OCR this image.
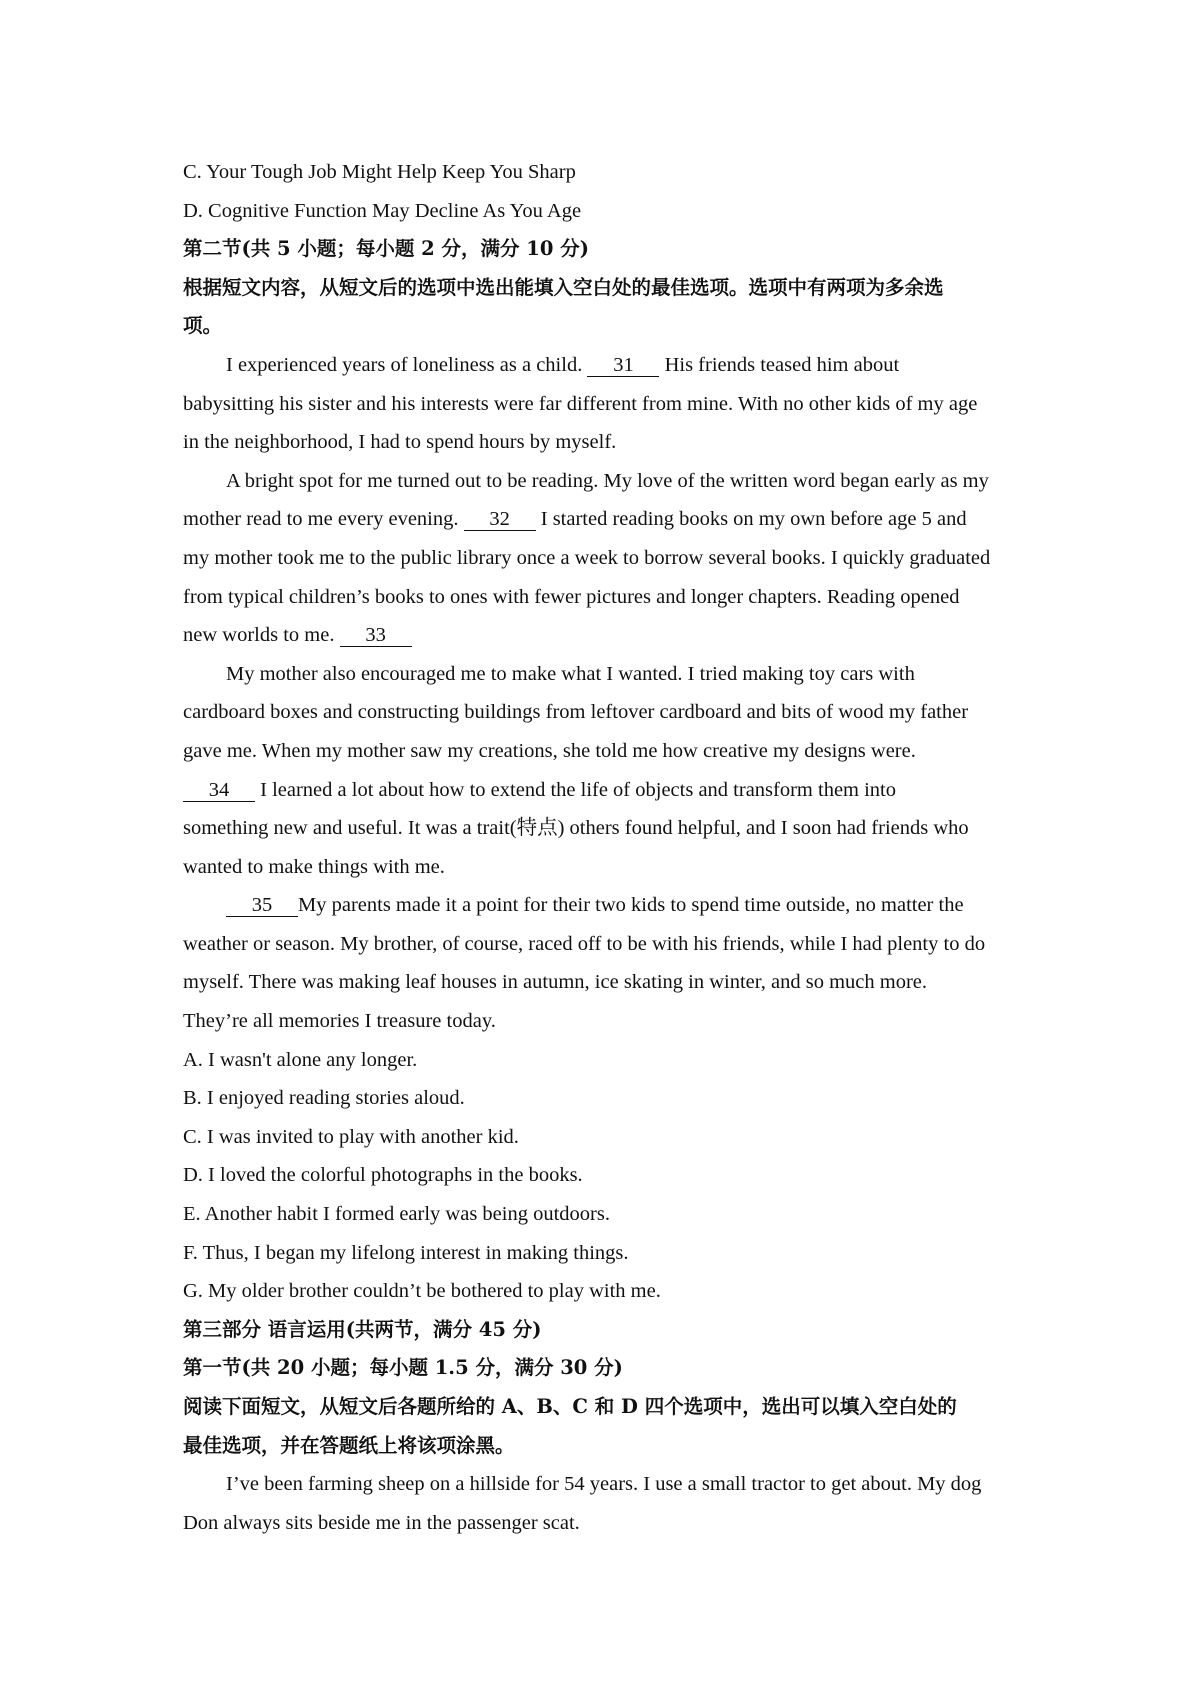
C. Your Tough Job Might Help Keep You Sharp
D. Cognitive Function May Decline As You Age
第二节(共 5 小题；每小题 2 分，满分 10 分)
根据短文内容，从短文后的选项中选出能填入空白处的最佳选项。选项中有两项为多余选
项。
I experienced years of loneliness as a child. 31 His friends teased him about
babysitting his sister and his interests were far different from mine. With no other kids of my age
in the neighborhood, I had to spend hours by myself.
A bright spot for me turned out to be reading. My love of the written word began early as my
mother read to me every evening. 32 I started reading books on my own before age 5 and
my mother took me to the public library once a week to borrow several books. I quickly graduated
from typical children’s books to ones with fewer pictures and longer chapters. Reading opened
new worlds to me. 33
My mother also encouraged me to make what I wanted. I tried making toy cars with
cardboard boxes and constructing buildings from leftover cardboard and bits of wood my father
gave me. When my mother saw my creations, she told me how creative my designs were.
34 I learned a lot about how to extend the life of objects and transform them into
something new and useful. It was a trait(特点) others found helpful, and I soon had friends who
wanted to make things with me.
35 My parents made it a point for their two kids to spend time outside, no matter the
weather or season. My brother, of course, raced off to be with his friends, while I had plenty to do
myself. There was making leaf houses in autumn, ice skating in winter, and so much more.
They’re all memories I treasure today.
A. I wasn't alone any longer.
B. I enjoyed reading stories aloud.
C. I was invited to play with another kid.
D. I loved the colorful photographs in the books.
E. Another habit I formed early was being outdoors.
F. Thus, I began my lifelong interest in making things.
G. My older brother couldn’t be bothered to play with me.
第三部分 语言运用(共两节，满分 45 分)
第一节(共 20 小题；每小题 1.5 分，满分 30 分)
阅读下面短文，从短文后各题所给的 A、B、C 和 D 四个选项中，选出可以填入空白处的
最佳选项，并在答题纸上将该项涂黑。
I’ve been farming sheep on a hillside for 54 years. I use a small tractor to get about. My dog
Don always sits beside me in the passenger scat.
